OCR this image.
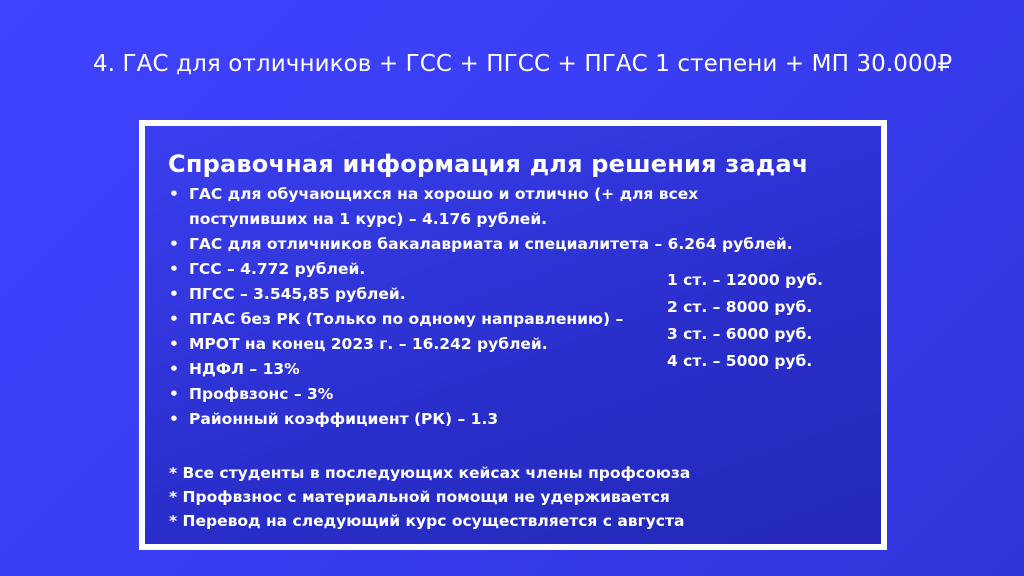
4. ГАС для отличников + ГСС + ПГСС + ПГАС 1 степени + МП 30.000₽
Справочная информация для решения задач
• ГАС для обучающихся на хорошо и отлично (+ для всех
поступивших на 1 курс) – 4.176 рублей.
• ГАС для отличников бакалавриата и специалитета – 6.264 рублей.
• ГСС – 4.772 рублей.
• ПГСС – 3.545,85 рублей.
• ПГАС без РК (Только по одному направлению) –
• МРОТ на конец 2023 г. – 16.242 рублей.
• НДФЛ – 13%
• Профвзонс – 3%
• Районный коэффициент (РК) – 1.3
1 ст. – 12000 руб.
2 ст. – 8000 руб.
3 ст. – 6000 руб.
4 ст. – 5000 руб.
* Все студенты в последующих кейсах члены профсоюза
* Профвзнос с материальной помощи не удерживается
* Перевод на следующий курс осуществляется с августа
